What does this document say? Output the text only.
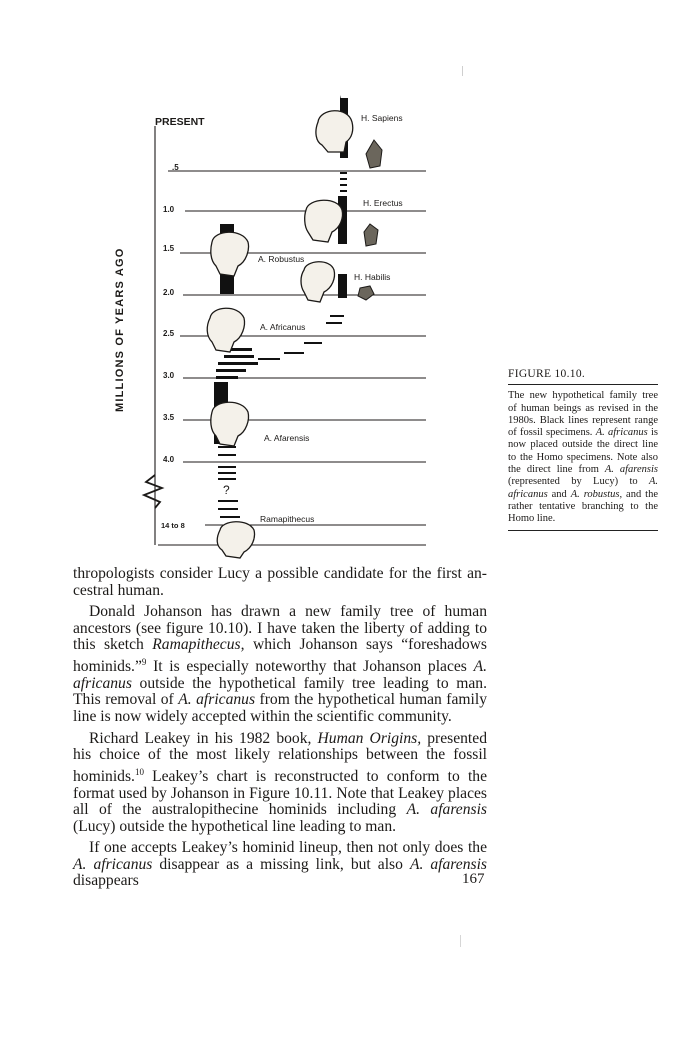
PRESENT
.5
1.0
1.5
2.0
2.5
3.0
3.5
4.0
14 to 8
MILLIONS OF YEARS AGO
H. Sapiens
H. Erectus
A. Robustus
H. Habilis
A. Africanus
A. Afarensis
Ramapithecus
?
FIGURE 10.10.
The new hypothetical family tree of human beings as revised in the 1980s. Black lines represent range of fossil specimens. A. africanus is now placed outside the direct line to the Homo specimens. Note also the direct line from A. afarensis (represented by Lucy) to A. africanus and A. robustus, and the rather tentative branching to the Homo line.

thropologists consider Lucy a possible candidate for the first ancestral human.

Donald Johanson has drawn a new family tree of human ancestors (see figure 10.10). I have taken the liberty of adding to this sketch Ramapithecus, which Johanson says “foreshadows hominids.”$^9$ It is especially noteworthy that Johanson places A. africanus outside the hypothetical family tree leading to man. This removal of A. africanus from the hypothetical human family line is now widely accepted within the scientific community.

Richard Leakey in his 1982 book, Human Origins, presented his choice of the most likely relationships between the fossil hominids.$^{10}$ Leakey’s chart is reconstructed to conform to the format used by Johanson in Figure 10.11. Note that Leakey places all of the australopithecine hominids including A. afarensis (Lucy) outside the hypothetical line leading to man.

If one accepts Leakey’s hominid lineup, then not only does the A. africanus disappear as a missing link, but also A. afarensis disappears	167
